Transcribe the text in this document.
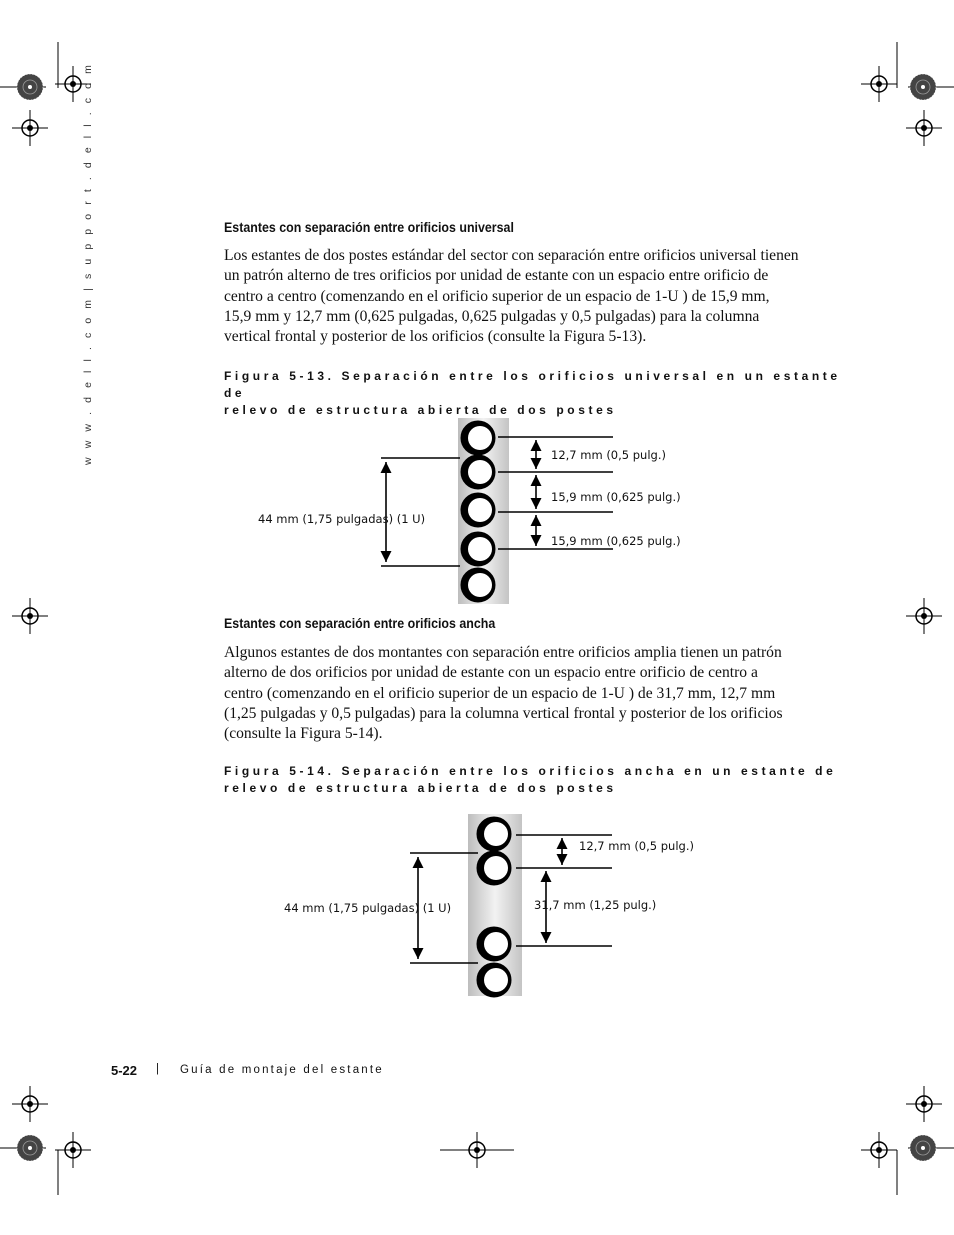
w w w . d e l l . c o m | s u p p o r t . d e l l . c o m	Estantes con separación entre orificios universal
Los estantes de dos postes estándar del sector con separación entre orificios universal tienen
un patrón alterno de tres orificios por unidad de estante con un espacio entre orificio de
centro a centro (comenzando en el orificio superior de un espacio de 1-U ) de 15,9 mm,
15,9 mm y 12,7 mm (0,625 pulgadas, 0,625 pulgadas y 0,5 pulgadas) para la columna
vertical frontal y posterior de los orificios (consulte la Figura 5-13).
Figura 5-13. Separación entre los orificios universal en un estante de
relevo de estructura abierta de dos postes
44 mm (1,75 pulgadas) (1 U)
12,7 mm (0,5 pulg.)
15,9 mm (0,625 pulg.)
15,9 mm (0,625 pulg.)
Estantes con separación entre orificios ancha
Algunos estantes de dos montantes con separación entre orificios amplia tienen un patrón
alterno de dos orificios por unidad de estante con un espacio entre orificio de centro a
centro (comenzando en el orificio superior de un espacio de 1-U ) de 31,7 mm, 12,7 mm
(1,25 pulgadas y 0,5 pulgadas) para la columna vertical frontal y posterior de los orificios
(consulte la Figura 5-14).
Figura 5-14. Separación entre los orificios ancha en un estante de
relevo de estructura abierta de dos postes
44 mm (1,75 pulgadas) (1 U)
12,7 mm (0,5 pulg.)
31,7 mm (1,25 pulg.)
5-22 | Guía de montaje del estante
